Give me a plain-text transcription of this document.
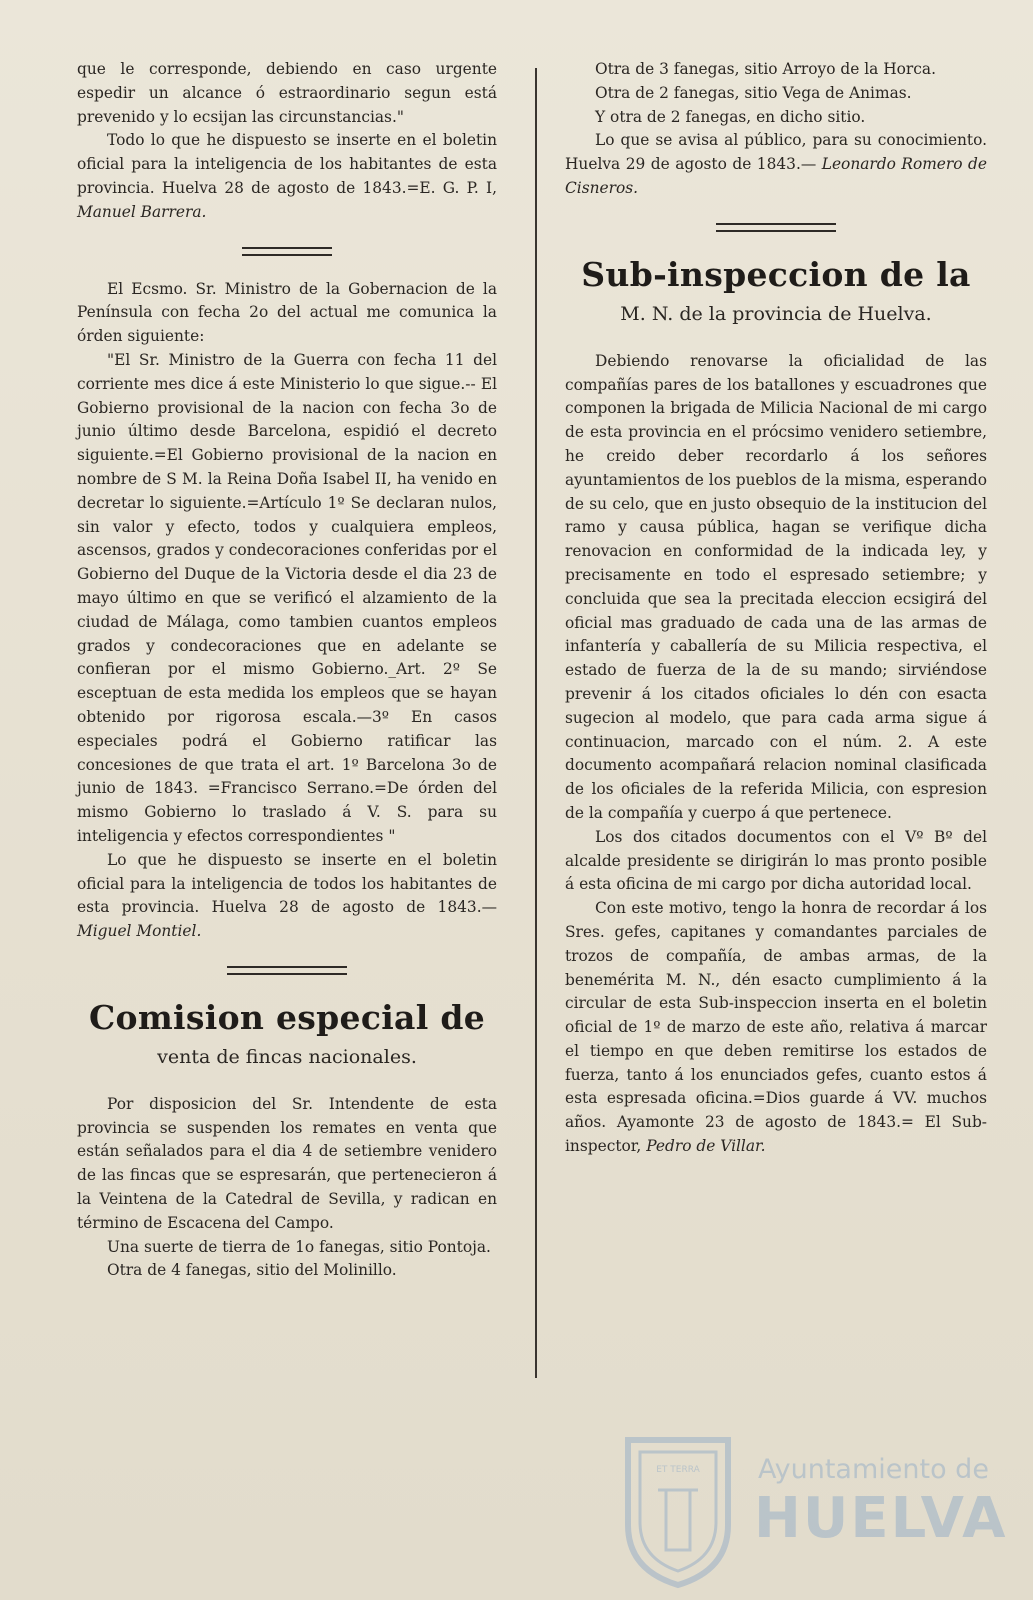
que le corresponde, debiendo en caso urgente espedir un alcance ó estraordinario segun está prevenido y lo ecsijan las circunstancias."

Todo lo que he dispuesto se inserte en el boletin oficial para la inteligencia de los habitantes de esta provincia. Huelva 28 de agosto de 1843.=E. G. P. I, Manuel Barrera.

El Ecsmo. Sr. Ministro de la Gobernacion de la Península con fecha 2o del actual me comunica la órden siguiente:

"El Sr. Ministro de la Guerra con fecha 11 del corriente mes dice á este Ministerio lo que sigue.-- El Gobierno provisional de la nacion con fecha 3o de junio último desde Barcelona, espidió el decreto siguiente.=El Gobierno provisional de la nacion en nombre de S M. la Reina Doña Isabel II, ha venido en decretar lo siguiente.=Artículo 1º Se declaran nulos, sin valor y efecto, todos y cualquiera empleos, ascensos, grados y condecoraciones conferidas por el Gobierno del Duque de la Victoria desde el dia 23 de mayo último en que se verificó el alzamiento de la ciudad de Málaga, como tambien cuantos empleos grados y condecoraciones que en adelante se confieran por el mismo Gobierno._Art. 2º Se esceptuan de esta medida los empleos que se hayan obtenido por rigorosa escala.—3º En casos especiales podrá el Gobierno ratificar las concesiones de que trata el art. 1º Barcelona 3o de junio de 1843. =Francisco Serrano.=De órden del mismo Gobierno lo traslado á V. S. para su inteligencia y efectos correspondientes "

Lo que he dispuesto se inserte en el boletin oficial para la inteligencia de todos los habitantes de esta provincia. Huelva 28 de agosto de 1843.— Miguel Montiel.

Comision especial de
venta de fincas nacionales.

Por disposicion del Sr. Intendente de esta provincia se suspenden los remates en venta que están señalados para el dia 4 de setiembre venidero de las fincas que se espresarán, que pertenecieron á la Veintena de la Catedral de Sevilla, y radican en término de Escacena del Campo.

Una suerte de tierra de 1o fanegas, sitio Pontoja.

Otra de 4 fanegas, sitio del Molinillo.

Otra de 3 fanegas, sitio Arroyo de la Horca.

Otra de 2 fanegas, sitio Vega de Animas.

Y otra de 2 fanegas, en dicho sitio.

Lo que se avisa al público, para su conocimiento. Huelva 29 de agosto de 1843.— Leonardo Romero de Cisneros.

Sub-inspeccion de la
M. N. de la provincia de Huelva.

Debiendo renovarse la oficialidad de las compañías pares de los batallones y escuadrones que componen la brigada de Milicia Nacional de mi cargo de esta provincia en el prócsimo venidero setiembre, he creido deber recordarlo á los señores ayuntamientos de los pueblos de la misma, esperando de su celo, que en justo obsequio de la institucion del ramo y causa pública, hagan se verifique dicha renovacion en conformidad de la indicada ley, y precisamente en todo el espresado setiembre; y concluida que sea la precitada eleccion ecsigirá del oficial mas graduado de cada una de las armas de infantería y caballería de su Milicia respectiva, el estado de fuerza de la de su mando; sirviéndose prevenir á los citados oficiales lo dén con esacta sugecion al modelo, que para cada arma sigue á continuacion, marcado con el núm. 2. A este documento acompañará relacion nominal clasificada de los oficiales de la referida Milicia, con espresion de la compañía y cuerpo á que pertenece.

Los dos citados documentos con el Vº Bº del alcalde presidente se dirigirán lo mas pronto posible á esta oficina de mi cargo por dicha autoridad local.

Con este motivo, tengo la honra de recordar á los Sres. gefes, capitanes y comandantes parciales de trozos de compañía, de ambas armas, de la benemérita M. N., dén esacto cumplimiento á la circular de esta Sub-inspeccion inserta en el boletin oficial de 1º de marzo de este año, relativa á marcar el tiempo en que deben remitirse los estados de fuerza, tanto á los enunciados gefes, cuanto estos á esta espresada oficina.=Dios guarde á VV. muchos años. Ayamonte 23 de agosto de 1843.= El Sub-inspector, Pedro de Villar.

ET TERRA Ayuntamiento de
HUELVA
